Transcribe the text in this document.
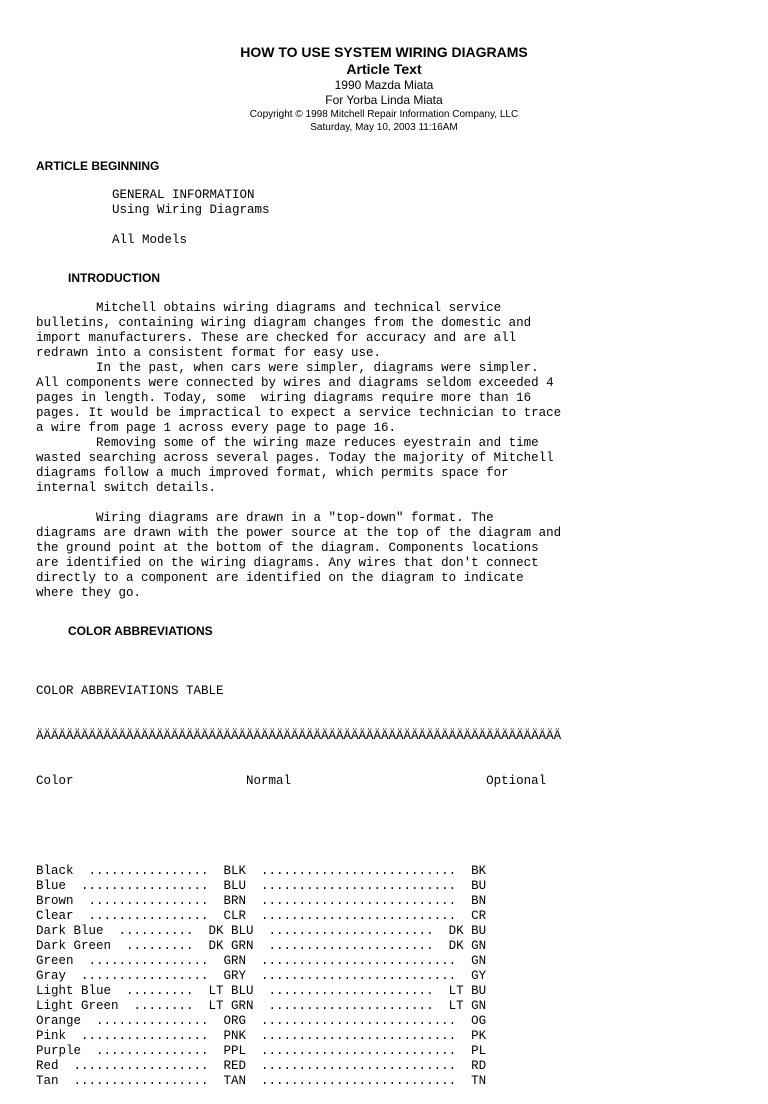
HOW TO USE SYSTEM WIRING DIAGRAMS
Article Text
1990 Mazda Miata
For Yorba Linda Miata
Copyright © 1998 Mitchell Repair Information Company, LLC
Saturday, May 10, 2003 11:16AM
ARTICLE BEGINNING
GENERAL INFORMATION
Using Wiring Diagrams
All Models
INTRODUCTION
Mitchell obtains wiring diagrams and technical service
bulletins, containing wiring diagram changes from the domestic and
import manufacturers. These are checked for accuracy and are all
redrawn into a consistent format for easy use.
In the past, when cars were simpler, diagrams were simpler.
All components were connected by wires and diagrams seldom exceeded 4
pages in length. Today, some  wiring diagrams require more than 16
pages. It would be impractical to expect a service technician to trace
a wire from page 1 across every page to page 16.
Removing some of the wiring maze reduces eyestrain and time
wasted searching across several pages. Today the majority of Mitchell
diagrams follow a much improved format, which permits space for
internal switch details.
Wiring diagrams are drawn in a "top-down" format. The
diagrams are drawn with the power source at the top of the diagram and
the ground point at the bottom of the diagram. Components locations
are identified on the wiring diagrams. Any wires that don't connect
directly to a component are identified on the diagram to indicate
where they go.
COLOR ABBREVIATIONS

COLOR ABBREVIATIONS TABLE

ÄÄÄÄÄÄÄÄÄÄÄÄÄÄÄÄÄÄÄÄÄÄÄÄÄÄÄÄÄÄÄÄÄÄÄÄÄÄÄÄÄÄÄÄÄÄÄÄÄÄÄÄÄÄÄÄÄÄÄÄÄÄÄÄÄÄÄÄÄÄ

Color                       Normal                          Optional

Black  ................  BLK  ..........................  BK
Blue  .................  BLU  ..........................  BU
Brown  ................  BRN  ..........................  BN
Clear  ................  CLR  ..........................  CR
Dark Blue  ..........  DK BLU  ......................  DK BU
Dark Green  .........  DK GRN  ......................  DK GN
Green  ................  GRN  ..........................  GN
Gray  .................  GRY  ..........................  GY
Light Blue  .........  LT BLU  ......................  LT BU
Light Green  ........  LT GRN  ......................  LT GN
Orange  ...............  ORG  ..........................  OG
Pink  .................  PNK  ..........................  PK
Purple  ...............  PPL  ..........................  PL
Red  ..................  RED  ..........................  RD
Tan  ..................  TAN  ..........................  TN
